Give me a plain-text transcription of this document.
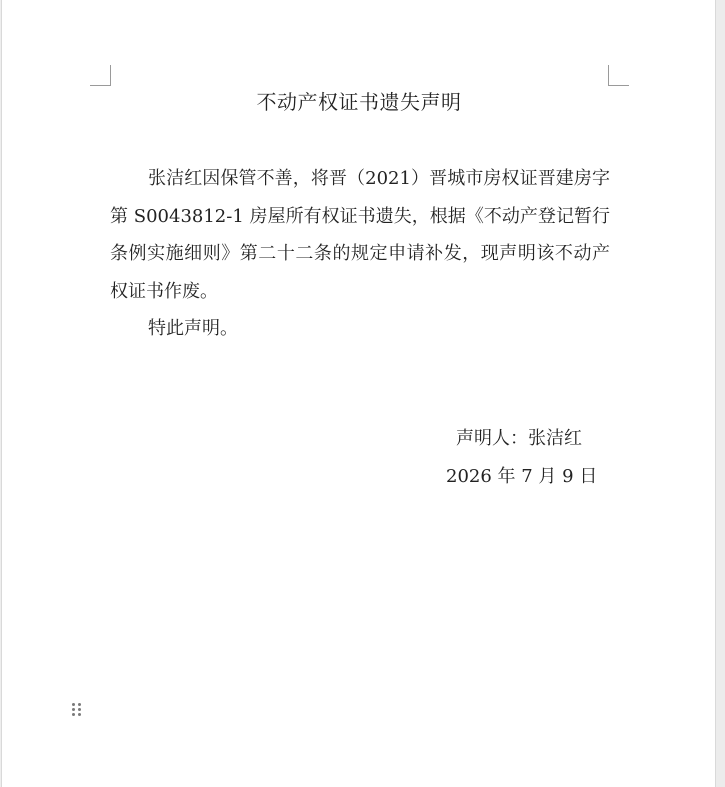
不动产权证书遗失声明

张洁红因保管不善，将晋（2021）晋城市房权证晋建房字第 S0043812-1 房屋所有权证书遗失，根据《不动产登记暂行条例实施细则》第二十二条的规定申请补发，现声明该不动产权证书作废。

特此声明。

声明人：张洁红

2026 年 7 月 9 日
